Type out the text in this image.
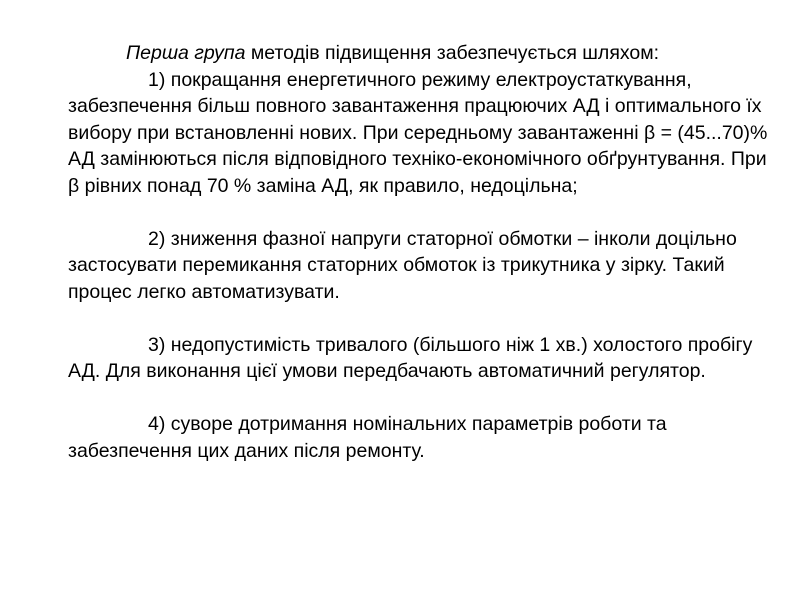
Перша група методів підвищення забезпечується шляхом:

1) покращання енергетичного режиму електроустаткування, забезпечення більш повного завантаження працюючих АД і оптимального їх вибору при встановленні нових. При середньому завантаженні β = (45...70)% АД замінюються після відповідного техніко-економічного обґрунтування. При β рівних понад 70 % заміна АД, як правило, недоцільна;

2) зниження фазної напруги статорної обмотки – інколи доцільно застосувати перемикання статорних обмоток із трикутника у зірку. Такий процес легко автоматизувати.

3) недопустимість тривалого (більшого ніж 1 хв.) холостого пробігу АД. Для виконання цієї умови передбачають автоматичний регулятор.

4) суворе дотримання номінальних параметрів роботи та забезпечення цих даних після ремонту.
